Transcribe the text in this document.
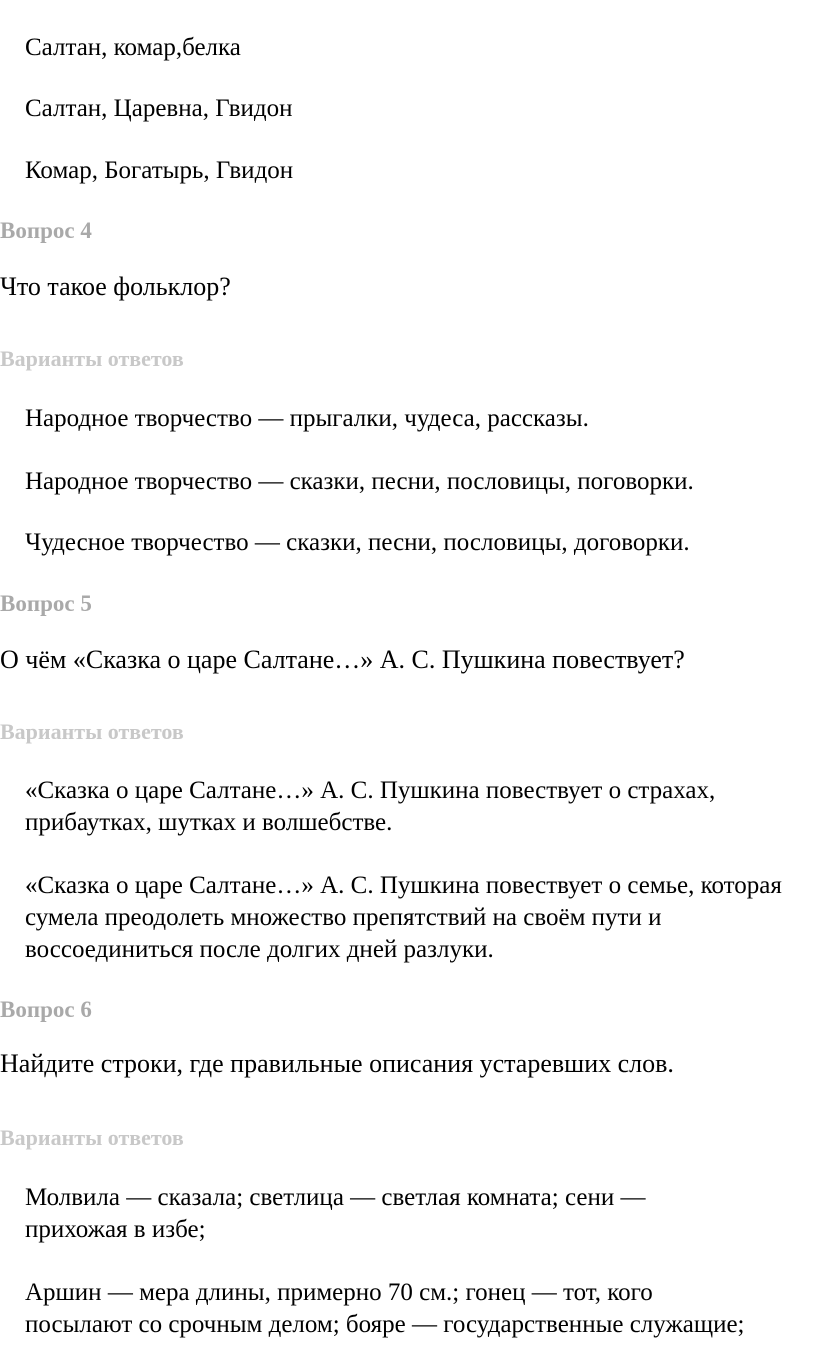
Салтан, комар,белка
Салтан, Царевна, Гвидон
Комар, Богатырь, Гвидон
Вопрос 4
Что такое фольклор?
Варианты ответов
Народное творчество — прыгалки, чудеса, рассказы.
Народное творчество — сказки, песни, пословицы, поговорки.
Чудесное творчество — сказки, песни, пословицы, договорки.
Вопрос 5
О чём «Сказка о царе Салтане…» А. С. Пушкина повествует?
Варианты ответов
«Сказка о царе Салтане…» А. С. Пушкина повествует о страхах, прибаутках, шутках и волшебстве.
«Сказка о царе Салтане…» А. С. Пушкина повествует о семье, которая сумела преодолеть множество препятствий на своём пути и воссоединиться после долгих дней разлуки.
Вопрос 6
Найдите строки, где правильные описания устаревших слов.
Варианты ответов
Молвила — сказала; светлица — светлая комната; сени — прихожая в избе;
Аршин — мера длины, примерно 70 см.; гонец — тот, кого посылают со срочным делом; бояре — государственные служащие;
